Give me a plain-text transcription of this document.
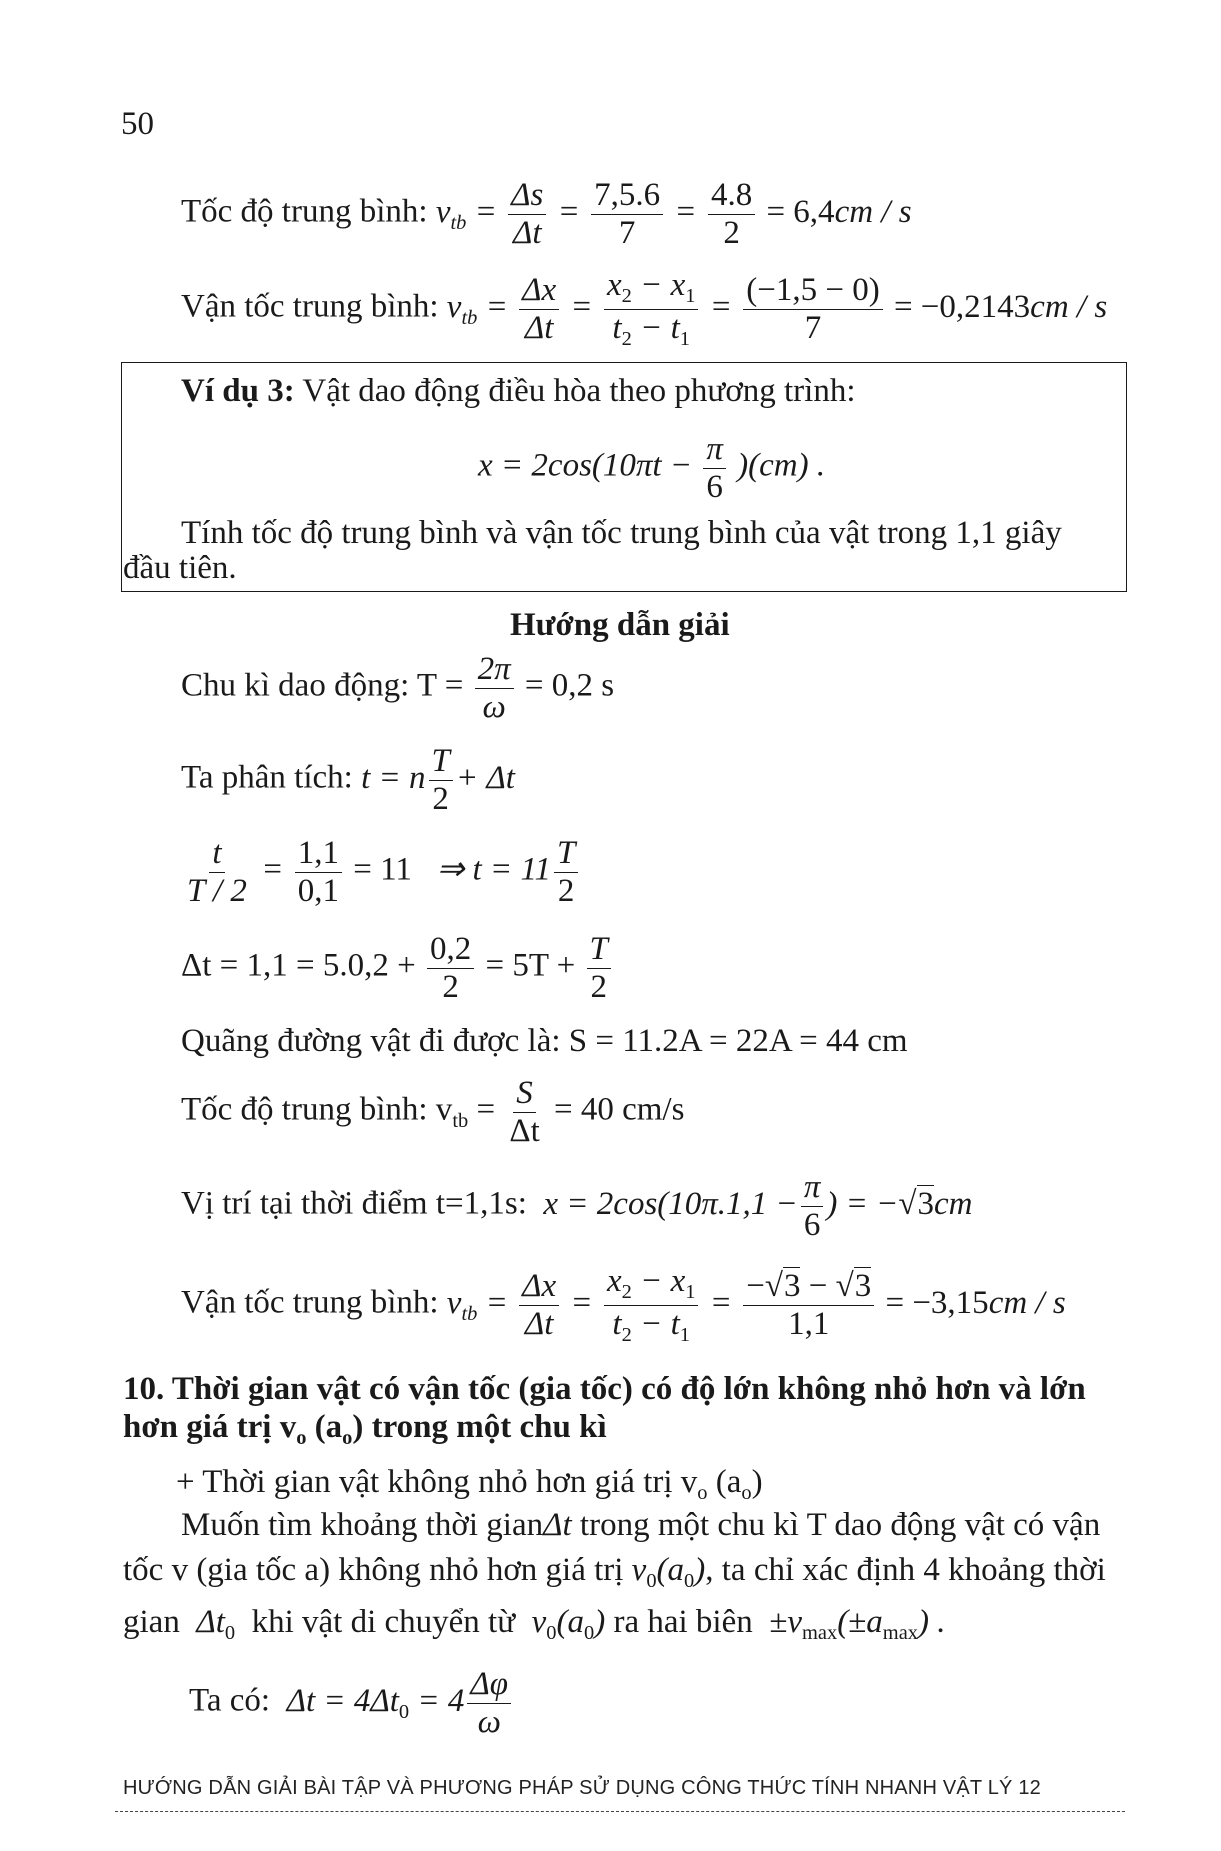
50
Tốc độ trung bình: $v_{tb} = \frac{\Delta s}{\Delta t} = \frac{7,5.6}{7} = \frac{4.8}{2} = 6,4cm / s$
Vận tốc trung bình: $v_{tb} = \frac{\Delta x}{\Delta t} = \frac{x_2 - x_1}{t_2 - t_1} = \frac{(-1,5 - 0)}{7} = -0,2143cm / s$
Ví dụ 3: Vật dao động điều hòa theo phương trình:
$x = 2\cos(10\pi t - \frac{\pi}{6} )(cm)$ .
Tính tốc độ trung bình và vận tốc trung bình của vật trong 1,1 giây
đầu tiên.
Hướng dẫn giải
Chu kì dao động: $T = \frac{2\pi}{\omega} = 0,2$ s
Ta phân tích: t = n $\frac{T}{2} + \Delta t$
$\frac{t}{T / 2} = \frac{1,1}{0,1} = 11$   ⇒ $t = 11 \frac{T}{2}$
$\Delta t = 1,1 = 5.0,2 + \frac{0,2}{2} = 5T + \frac{T}{2}$
Quãng đường vật đi được là: S = 11.2A = 22A = 44 cm
Tốc độ trung bình: $v_{tb} = \frac{S}{\Delta t} = 40$ cm/s
Vị trí tại thời điểm t=1,1s:  $x = 2\cos(10\pi.1,1 - \frac{\pi}{6}$ ) = −√3cm
Vận tốc trung bình: $v_{tb} = \frac{\Delta x}{\Delta t} = \frac{x_2 - x_1}{t_2 - t_1} = \frac{-√3 - √3}{1,1} = -3,15cm / s$
10. Thời gian vật có vận tốc (gia tốc) có độ lớn không nhỏ hơn và lớn
hơn giá trị $v_o$ $(a_o)$ trong một chu kì
+ Thời gian vật không nhỏ hơn giá trị $v_o$ $(a_o)$
Muốn tìm khoảng thời gianΔt trong một chu kì T dao động vật có vận
tốc v (gia tốc a) không nhỏ hơn giá trị $v_0(a_0)$, ta chỉ xác định 4 khoảng thời
gian  $\Delta t_0$ khi vật di chuyển từ  $v_0(a_0)$ ra hai biên  $\pm v_{max}(\pm a_{max})$ .
Ta có:  $\Delta t = 4\Delta t_0 = 4 \frac{\Delta\varphi}{\omega}$
HƯỚNG DẪN GIẢI BÀI TẬP VÀ PHƯƠNG PHÁP SỬ DỤNG CÔNG THỨC TÍNH NHANH VẬT LÝ 12
